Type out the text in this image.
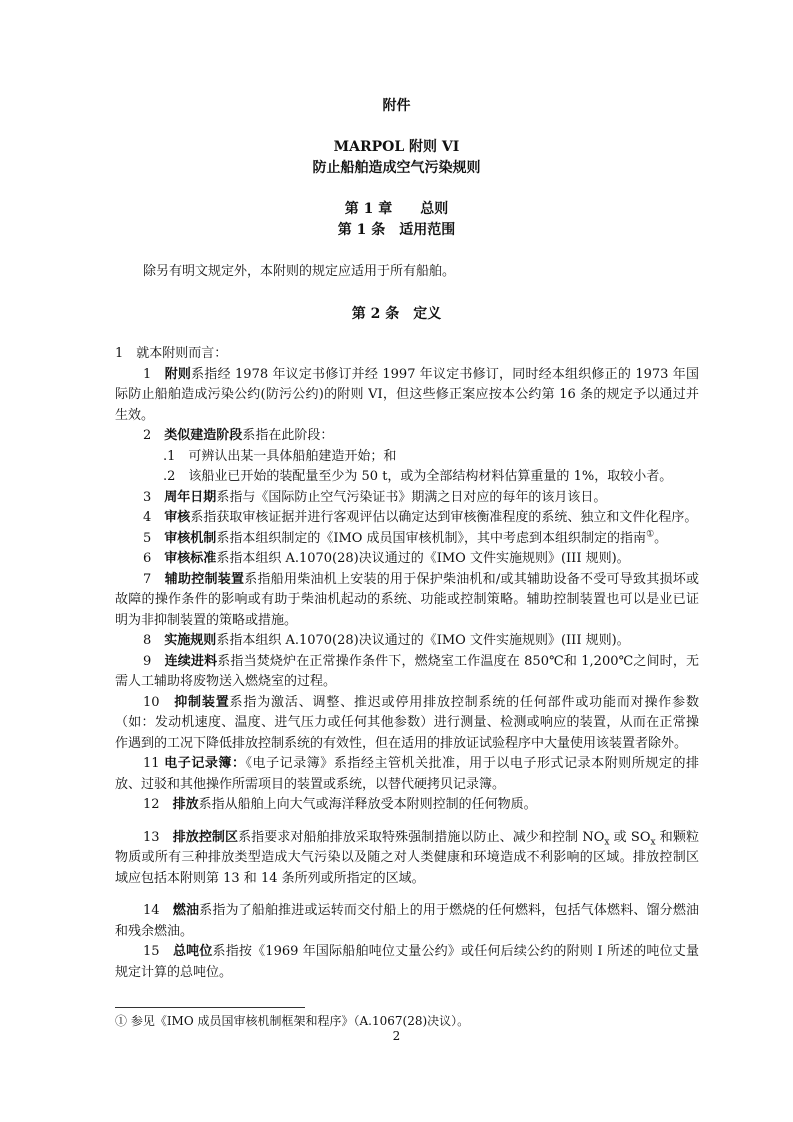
附件
MARPOL 附则 VI
防止船舶造成空气污染规则
第 1 章　　总则
第 1 条　适用范围

除另有明文规定外，本附则的规定应适用于所有船舶。

第 2 条　定义

1　就本附则而言：

1　 附则系指经 1978 年议定书修订并经 1997 年议定书修订，同时经本组织修正的 1973 年国际防止船舶造成污染公约(防污公约)的附则 VI，但这些修正案应按本公约第 16 条的规定予以通过并生效。

2　 类似建造阶段系指在此阶段：

.1　可辨认出某一具体船舶建造开始；和

.2　该船业已开始的装配量至少为 50 t，或为全部结构材料估算重量的 1%，取较小者。

3　 周年日期系指与《国际防止空气污染证书》期满之日对应的每年的该月该日。

4　 审核系指获取审核证据并进行客观评估以确定达到审核衡准程度的系统、独立和文件化程序。

5　 审核机制系指本组织制定的《IMO 成员国审核机制》，其中考虑到本组织制定的指南①。

6　 审核标准系指本组织 A.1070(28)决议通过的《IMO 文件实施规则》(III 规则)。

7　 辅助控制装置系指船用柴油机上安装的用于保护柴油机和/或其辅助设备不受可导致其损坏或故障的操作条件的影响或有助于柴油机起动的系统、功能或控制策略。辅助控制装置也可以是业已证明为非抑制装置的策略或措施。

8　 实施规则系指本组织 A.1070(28)决议通过的《IMO 文件实施规则》(III 规则)。

9　 连续进料系指当焚烧炉在正常操作条件下，燃烧室工作温度在 850℃和 1,200℃之间时，无需人工辅助将废物送入燃烧室的过程。

10　 抑制装置系指为激活、调整、推迟或停用排放控制系统的任何部件或功能而对操作参数（如：发动机速度、温度、进气压力或任何其他参数）进行测量、检测或响应的装置，从而在正常操作遇到的工况下降低排放控制系统的有效性，但在适用的排放证试验程序中大量使用该装置者除外。

11 电子记录簿：《电子记录簿》系指经主管机关批准，用于以电子形式记录本附则所规定的排放、过驳和其他操作所需项目的装置或系统，以替代硬拷贝记录簿。

12　 排放系指从船舶上向大气或海洋释放受本附则控制的任何物质。

13　 排放控制区系指要求对船舶排放采取特殊强制措施以防止、减少和控制 $NO_x$ 或 $SO_x$ 和颗粒物质或所有三种排放类型造成大气污染以及随之对人类健康和环境造成不利影响的区域。排放控制区域应包括本附则第 13 和 14 条所列或所指定的区域。

14　 燃油系指为了船舶推进或运转而交付船上的用于燃烧的任何燃料，包括气体燃料、馏分燃油和残余燃油。

15　 总吨位系指按《1969 年国际船舶吨位丈量公约》或任何后续公约的附则 I 所述的吨位丈量规定计算的总吨位。

① 参见《IMO 成员国审核机制框架和程序》（A.1067(28)决议）。
2
